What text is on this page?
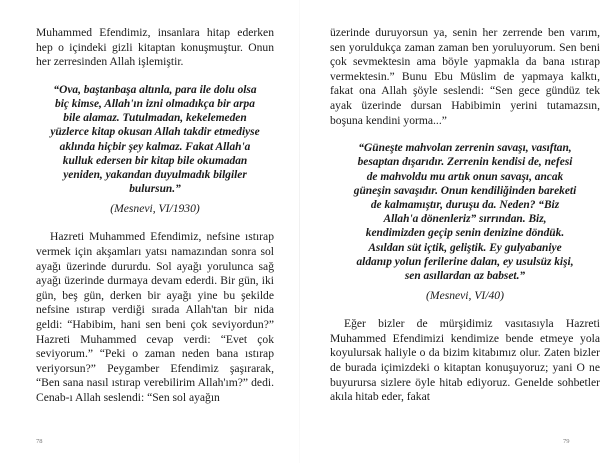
Muhammed Efendimiz, insanlara hitap ederken hep o içindeki gizli kitaptan konuşmuştur. Onun her zerresinden Allah işlemiştir.

“Ova, baştanbaşa altınla, para ile dolu olsa

biç kimse, Allah'ın izni olmadıkça bir arpa

bile alamaz. Tutulmadan, kekelemeden

yüzlerce kitap okusan Allah takdir etmediyse

aklında hiçbir şey kalmaz. Fakat Allah'a

kulluk edersen bir kitap bile okumadan

yeniden, yakandan duyulmadık bilgiler

bulursun.”

(Mesnevi, VI/1930)

Hazreti Muhammed Efendimiz, nefsine ıstırap vermek için akşamları yatsı namazından sonra sol ayağı üzerinde dururdu. Sol ayağı yorulunca sağ ayağı üzerinde durmaya devam ederdi. Bir gün, iki gün, beş gün, derken bir ayağı yine bu şekilde nefsine ıstırap verdiği sırada Allah'tan bir nida geldi: “Habibim, hani sen beni çok seviyordun?” Hazreti Muhammed cevap verdi: “Evet çok seviyorum.” “Peki o zaman neden bana ıstırap veriyorsun?” Peygamber Efendimiz şaşırarak, “Ben sana nasıl ıstırap verebilirim Allah'ım?” dedi. Cenab-ı Allah seslendi: “Sen sol ayağın

78

üzerinde duruyorsun ya, senin her zerrende ben varım, sen yoruldukça zaman zaman ben yoruluyorum. Sen beni çok sevmektesin ama böyle yapmakla da bana ıstırap vermektesin.” Bunu Ebu Müslim de yapmaya kalktı, fakat ona Allah şöyle seslendi: “Sen gece gündüz tek ayak üzerinde dursan Habibimin yerini tutamazsın, boşuna kendini yorma...”

“Güneşte mahvolan zerrenin savaşı, vasıftan,

besaptan dışarıdır. Zerrenin kendisi de, nefesi

de mahvoldu mu artık onun savaşı, ancak

güneşin savaşıdır. Onun kendiliğinden bareketi

de kalmamıştır, duruşu da. Neden? “Biz

Allah'a dönenleriz” sırrından. Biz,

kendimizden geçip senin denizine döndük.

Asıldan süt içtik, geliştik. Ey gulyabaniye

aldanıp yolun ferilerine dalan, ey usulsüz kişi,

sen asıllardan az babset.”

(Mesnevi, VI/40)

Eğer bizler de mürşidimiz vasıtasıyla Hazreti Muhammed Efendimizi kendimize bende etmeye yola koyulursak haliyle o da bizim kitabımız olur. Zaten bizler de burada içimizdeki o kitaptan konuşuyoruz; yani O ne buyurursa sizlere öyle hitab ediyoruz. Genelde sohbetler akıla hitab eder, fakat

79
